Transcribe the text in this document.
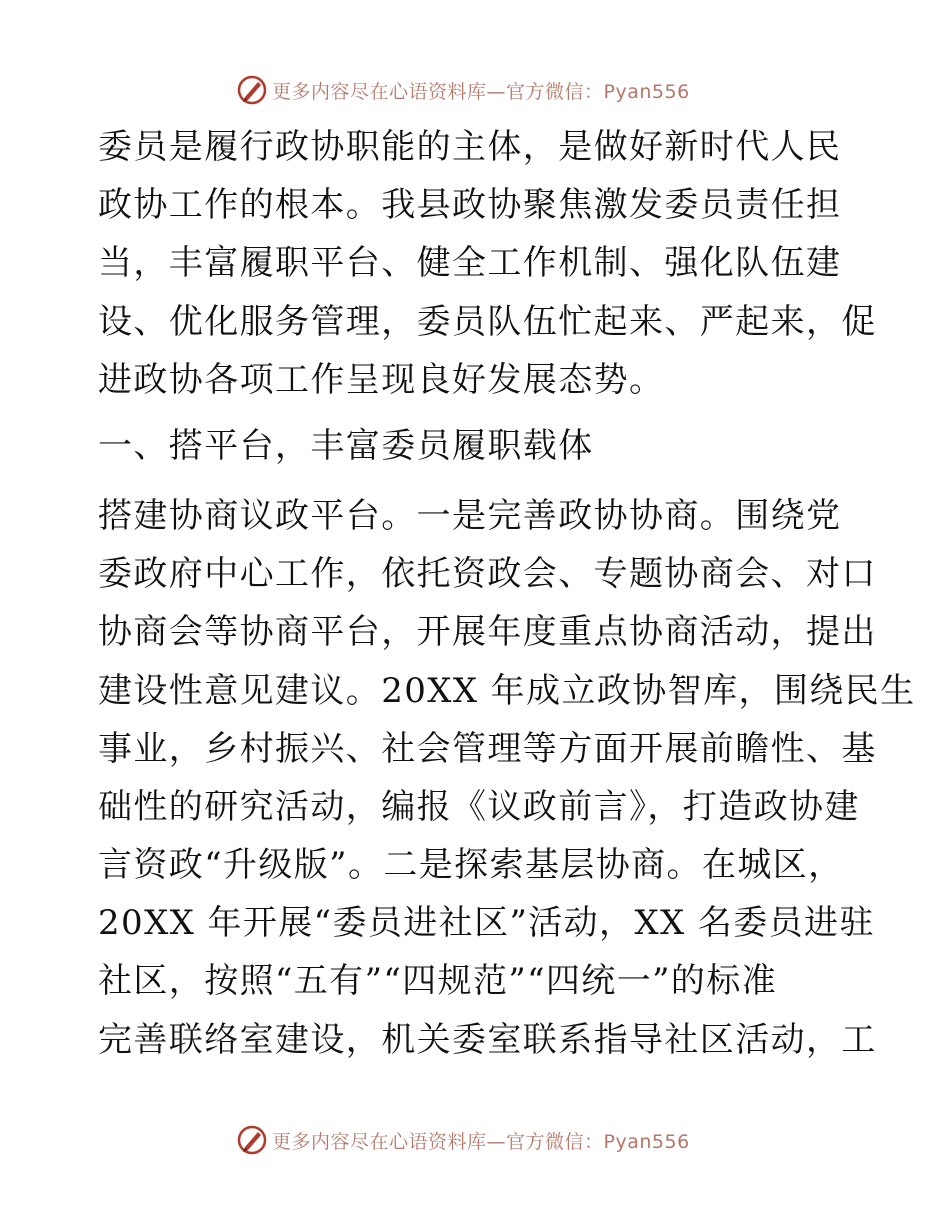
更多内容尽在心语资料库—官方微信：Pyan556
委员是履行政协职能的主体，是做好新时代人民
政协工作的根本。我县政协聚焦激发委员责任担
当，丰富履职平台、健全工作机制、强化队伍建
设、优化服务管理，委员队伍忙起来、严起来，促
进政协各项工作呈现良好发展态势。
一、搭平台，丰富委员履职载体
搭建协商议政平台。一是完善政协协商。围绕党
委政府中心工作，依托资政会、专题协商会、对口
协商会等协商平台，开展年度重点协商活动，提出
建设性意见建议。20XX 年成立政协智库，围绕民生
事业，乡村振兴、社会管理等方面开展前瞻性、基
础性的研究活动，编报《议政前言》，打造政协建
言资政“升级版”。二是探索基层协商。在城区，
20XX 年开展“委员进社区”活动，XX 名委员进驻
社区，按照“五有”“四规范”“四统一”的标准
完善联络室建设，机关委室联系指导社区活动，工
更多内容尽在心语资料库—官方微信：Pyan556
